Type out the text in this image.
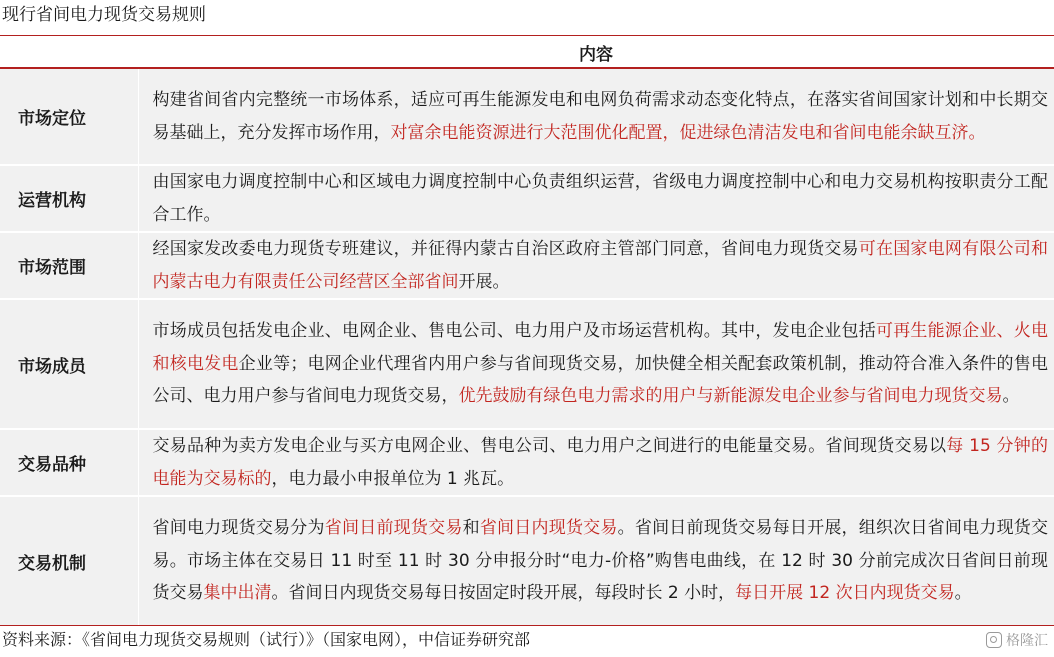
现行省间电力现货交易规则
	内容
市场定位	构建省间省内完整统一市场体系，适应可再生能源发电和电网负荷需求动态变化特点，在落实省间国家计划和中长期交易基础上，充分发挥市场作用，对富余电能资源进行大范围优化配置，促进绿色清洁发电和省间电能余缺互济。
运营机构	由国家电力调度控制中心和区域电力调度控制中心负责组织运营，省级电力调度控制中心和电力交易机构按职责分工配合工作。
市场范围	经国家发改委电力现货专班建议，并征得内蒙古自治区政府主管部门同意，省间电力现货交易可在国家电网有限公司和内蒙古电力有限责任公司经营区全部省间开展。
市场成员	市场成员包括发电企业、电网企业、售电公司、电力用户及市场运营机构。其中，发电企业包括可再生能源企业、火电和核电发电企业等；电网企业代理省内用户参与省间现货交易，加快健全相关配套政策机制，推动符合准入条件的售电公司、电力用户参与省间电力现货交易，优先鼓励有绿色电力需求的用户与新能源发电企业参与省间电力现货交易。
交易品种	交易品种为卖方发电企业与买方电网企业、售电公司、电力用户之间进行的电能量交易。省间现货交易以每 15 分钟的电能为交易标的，电力最小申报单位为 1 兆瓦。
交易机制	省间电力现货交易分为省间日前现货交易和省间日内现货交易。省间日前现货交易每日开展，组织次日省间电力现货交易。市场主体在交易日 11 时至 11 时 30 分申报分时“电力-价格”购售电曲线，在 12 时 30 分前完成次日省间日前现货交易集中出清。省间日内现货交易每日按固定时段开展，每段时长 2 小时，每日开展 12 次日内现货交易。
资料来源：《省间电力现货交易规则（试行）》（国家电网），中信证券研究部	格隆汇
